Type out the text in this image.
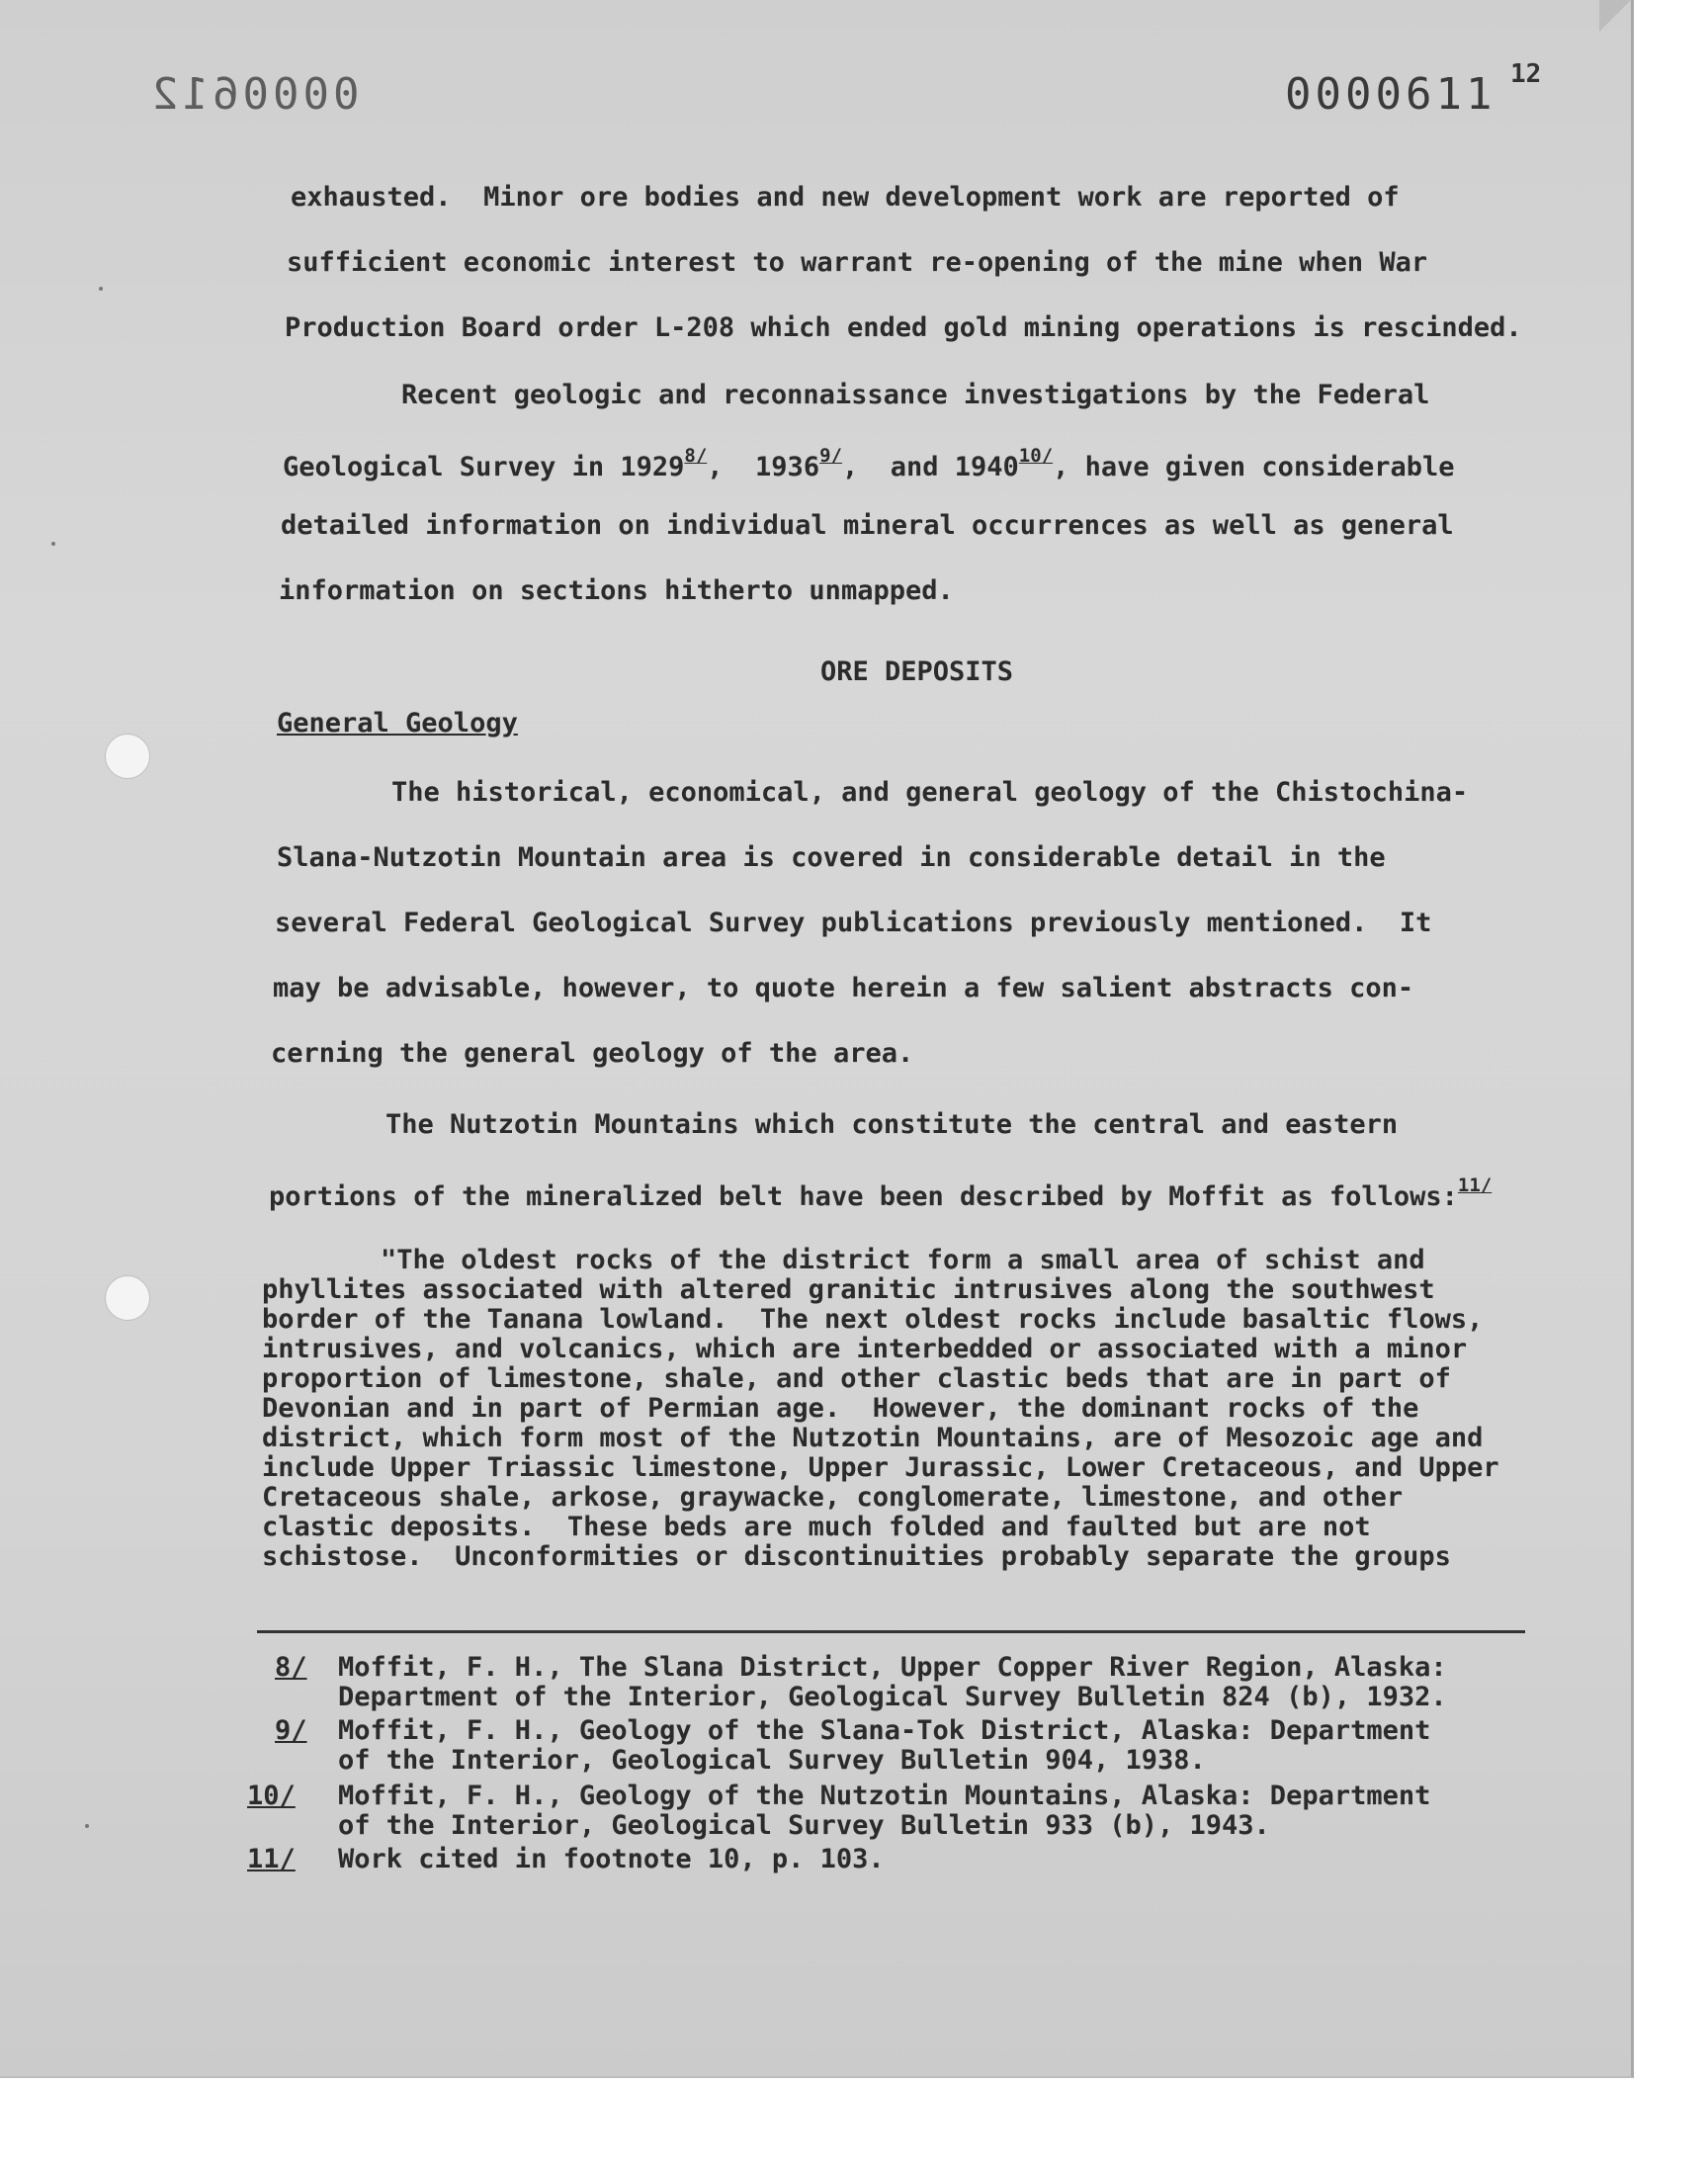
0000612	0000611 12
exhausted.  Minor ore bodies and new development work are reported of
sufficient economic interest to warrant re-opening of the mine when War
Production Board order L-208 which ended gold mining operations is rescinded.
Recent geologic and reconnaissance investigations by the Federal
Geological Survey in 1929$^{8/}$,  1936$^{9/}$,  and 1940$^{10/}$, have given considerable
detailed information on individual mineral occurrences as well as general
information on sections hitherto unmapped.
ORE DEPOSITS
General Geology
The historical, economical, and general geology of the Chistochina-
Slana-Nutzotin Mountain area is covered in considerable detail in the
several Federal Geological Survey publications previously mentioned.  It
may be advisable, however, to quote herein a few salient abstracts con-
cerning the general geology of the area.
The Nutzotin Mountains which constitute the central and eastern
portions of the mineralized belt have been described by Moffit as follows:$^{11/}$
"The oldest rocks of the district form a small area of schist and
phyllites associated with altered granitic intrusives along the southwest
border of the Tanana lowland.  The next oldest rocks include basaltic flows,
intrusives, and volcanics, which are interbedded or associated with a minor
proportion of limestone, shale, and other clastic beds that are in part of
Devonian and in part of Permian age.  However, the dominant rocks of the
district, which form most of the Nutzotin Mountains, are of Mesozoic age and
include Upper Triassic limestone, Upper Jurassic, Lower Cretaceous, and Upper
Cretaceous shale, arkose, graywacke, conglomerate, limestone, and other
clastic deposits.  These beds are much folded and faulted but are not
schistose.  Unconformities or discontinuities probably separate the groups
8/ Moffit, F. H., The Slana District, Upper Copper River Region, Alaska:
Department of the Interior, Geological Survey Bulletin 824 (b), 1932.
9/ Moffit, F. H., Geology of the Slana-Tok District, Alaska: Department
of the Interior, Geological Survey Bulletin 904, 1938.
10/ Moffit, F. H., Geology of the Nutzotin Mountains, Alaska: Department
of the Interior, Geological Survey Bulletin 933 (b), 1943.
11/ Work cited in footnote 10, p. 103.
